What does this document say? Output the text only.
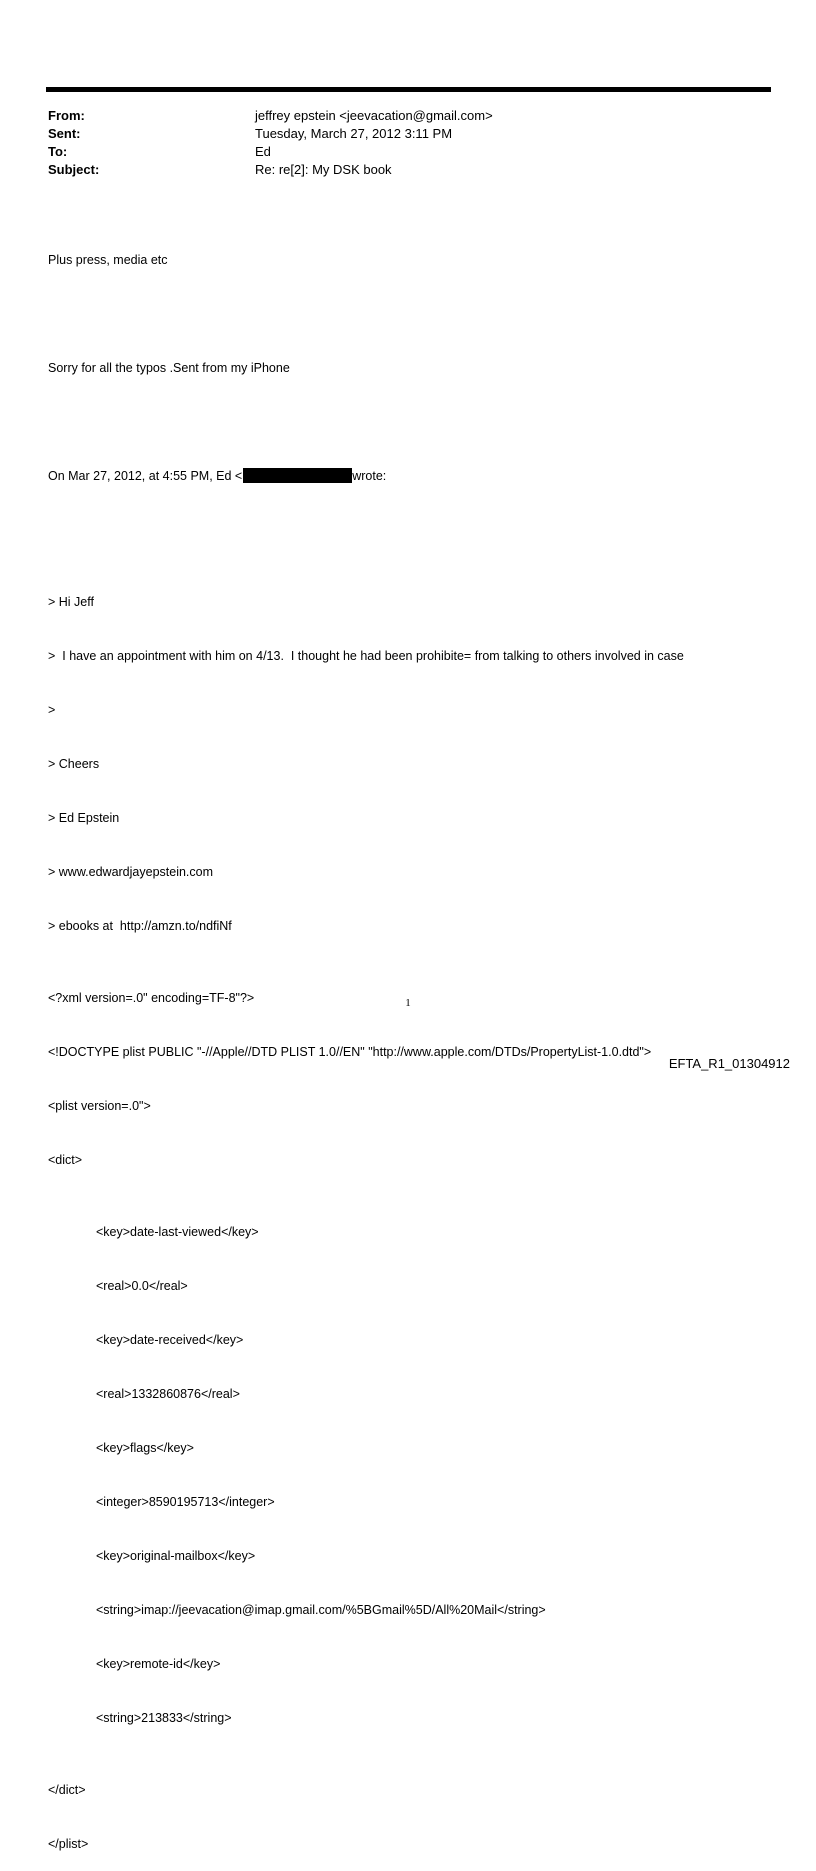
From:	jeffrey epstein <jeevacation@gmail.com>
Sent:	Tuesday, March 27, 2012 3:11 PM
To:	Ed
Subject:	Re: re[2]: My DSK book

Plus press, media etc

Sorry for all the typos .Sent from my iPhone

On Mar 27, 2012, at 4:55 PM, Ed <	wrote:

> Hi Jeff

>  I have an appointment with him on 4/13.  I thought he had been prohibite= from talking to others involved in case

>

> Cheers

> Ed Epstein

> www.edwardjayepstein.com

> ebooks at  http://amzn.to/ndfiNf

<?xml version=.0" encoding=TF-8"?>

<!DOCTYPE plist PUBLIC "-//Apple//DTD PLIST 1.0//EN" "http://www.apple.com/DTDs/PropertyList-1.0.dtd">

<plist version=.0">

<dict>

<key>date-last-viewed</key>

<real>0.0</real>

<key>date-received</key>

<real>1332860876</real>

<key>flags</key>

<integer>8590195713</integer>

<key>original-mailbox</key>

<string>imap://jeevacation@imap.gmail.com/%5BGmail%5D/All%20Mail</string>

<key>remote-id</key>

<string>213833</string>

</dict>

</plist>

1
EFTA_R1_01304912
